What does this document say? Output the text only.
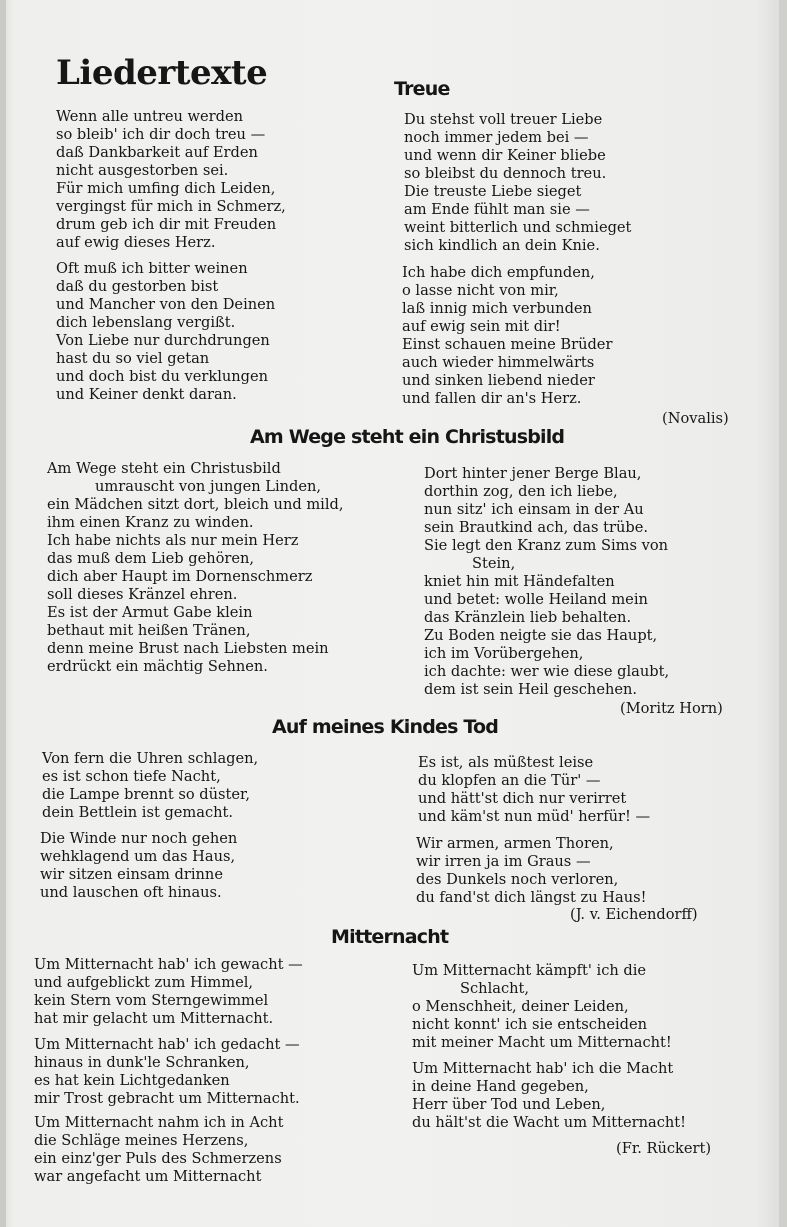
Liedertexte	Treue
Wenn alle untreu werden
so bleib' ich dir doch treu —
daß Dankbarkeit auf Erden
nicht ausgestorben sei.
Für mich umfing dich Leiden,
vergingst für mich in Schmerz,
drum geb ich dir mit Freuden
auf ewig dieses Herz.
Oft muß ich bitter weinen
daß du gestorben bist
und Mancher von den Deinen
dich lebenslang vergißt.
Von Liebe nur durchdrungen
hast du so viel getan
und doch bist du verklungen
und Keiner denkt daran.
Du stehst voll treuer Liebe
noch immer jedem bei —
und wenn dir Keiner bliebe
so bleibst du dennoch treu.
Die treuste Liebe sieget
am Ende fühlt man sie —
weint bitterlich und schmieget
sich kindlich an dein Knie.
Ich habe dich empfunden,
o lasse nicht von mir,
laß innig mich verbunden
auf ewig sein mit dir!
Einst schauen meine Brüder
auch wieder himmelwärts
und sinken liebend nieder
und fallen dir an's Herz.

(Novalis)

Am Wege steht ein Christusbild
Am Wege steht ein Christusbild
umrauscht von jungen Linden,
ein Mädchen sitzt dort, bleich und mild,
ihm einen Kranz zu winden.
Ich habe nichts als nur mein Herz
das muß dem Lieb gehören,
dich aber Haupt im Dornenschmerz
soll dieses Kränzel ehren.
Es ist der Armut Gabe klein
bethaut mit heißen Tränen,
denn meine Brust nach Liebsten mein
erdrückt ein mächtig Sehnen.
Dort hinter jener Berge Blau,
dorthin zog, den ich liebe,
nun sitz' ich einsam in der Au
sein Brautkind ach, das trübe.
Sie legt den Kranz zum Sims von
Stein,
kniet hin mit Händefalten
und betet: wolle Heiland mein
das Kränzlein lieb behalten.
Zu Boden neigte sie das Haupt,
ich im Vorübergehen,
ich dachte: wer wie diese glaubt,
dem ist sein Heil geschehen.

(Moritz Horn)

Auf meines Kindes Tod
Von fern die Uhren schlagen,
es ist schon tiefe Nacht,
die Lampe brennt so düster,
dein Bettlein ist gemacht.
Die Winde nur noch gehen
wehklagend um das Haus,
wir sitzen einsam drinne
und lauschen oft hinaus.
Es ist, als müßtest leise
du klopfen an die Tür' —
und hätt'st dich nur verirret
und käm'st nun müd' herfür! —
Wir armen, armen Thoren,
wir irren ja im Graus —
des Dunkels noch verloren,
du fand'st dich längst zu Haus!

(J. v. Eichendorff)

Mitternacht
Um Mitternacht hab' ich gewacht —
und aufgeblickt zum Himmel,
kein Stern vom Sterngewimmel
hat mir gelacht um Mitternacht.
Um Mitternacht hab' ich gedacht —
hinaus in dunk'le Schranken,
es hat kein Lichtgedanken
mir Trost gebracht um Mitternacht.
Um Mitternacht nahm ich in Acht
die Schläge meines Herzens,
ein einz'ger Puls des Schmerzens
war angefacht um Mitternacht
Um Mitternacht kämpft' ich die
Schlacht,
o Menschheit, deiner Leiden,
nicht konnt' ich sie entscheiden
mit meiner Macht um Mitternacht!
Um Mitternacht hab' ich die Macht
in deine Hand gegeben,
Herr über Tod und Leben,
du hält'st die Wacht um Mitternacht!

(Fr. Rückert)
